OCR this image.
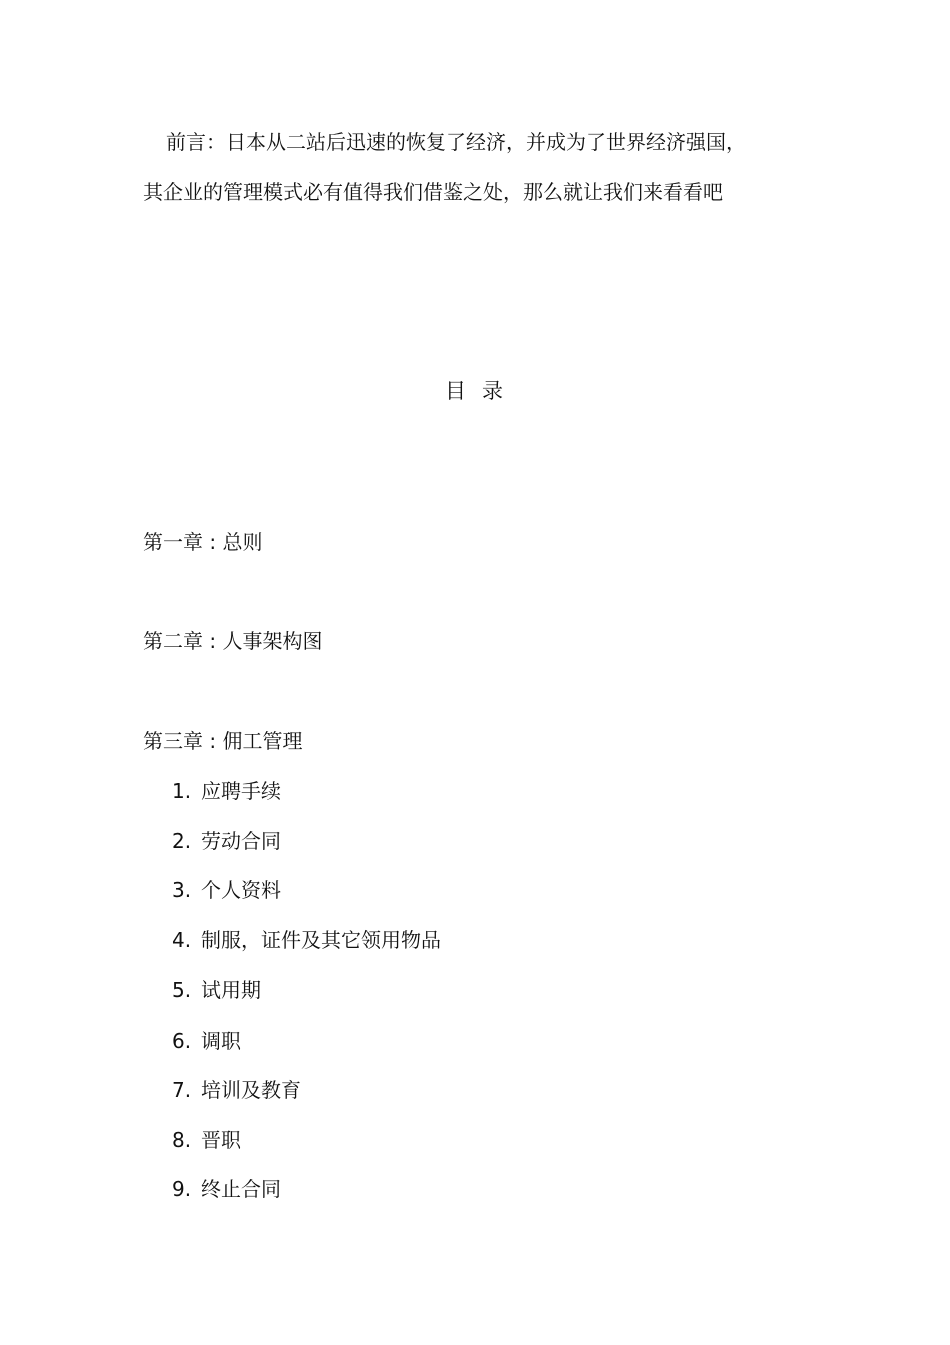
前言：日本从二站后迅速的恢复了经济，并成为了世界经济强国，
其企业的管理模式必有值得我们借鉴之处，那么就让我们来看看吧
目录
第一章 : 总则
第二章 : 人事架构图
第三章 : 佣工管理
1. 应聘手续
2. 劳动合同
3. 个人资料
4. 制服，证件及其它领用物品
5. 试用期
6. 调职
7. 培训及教育
8. 晋职
9. 终止合同
